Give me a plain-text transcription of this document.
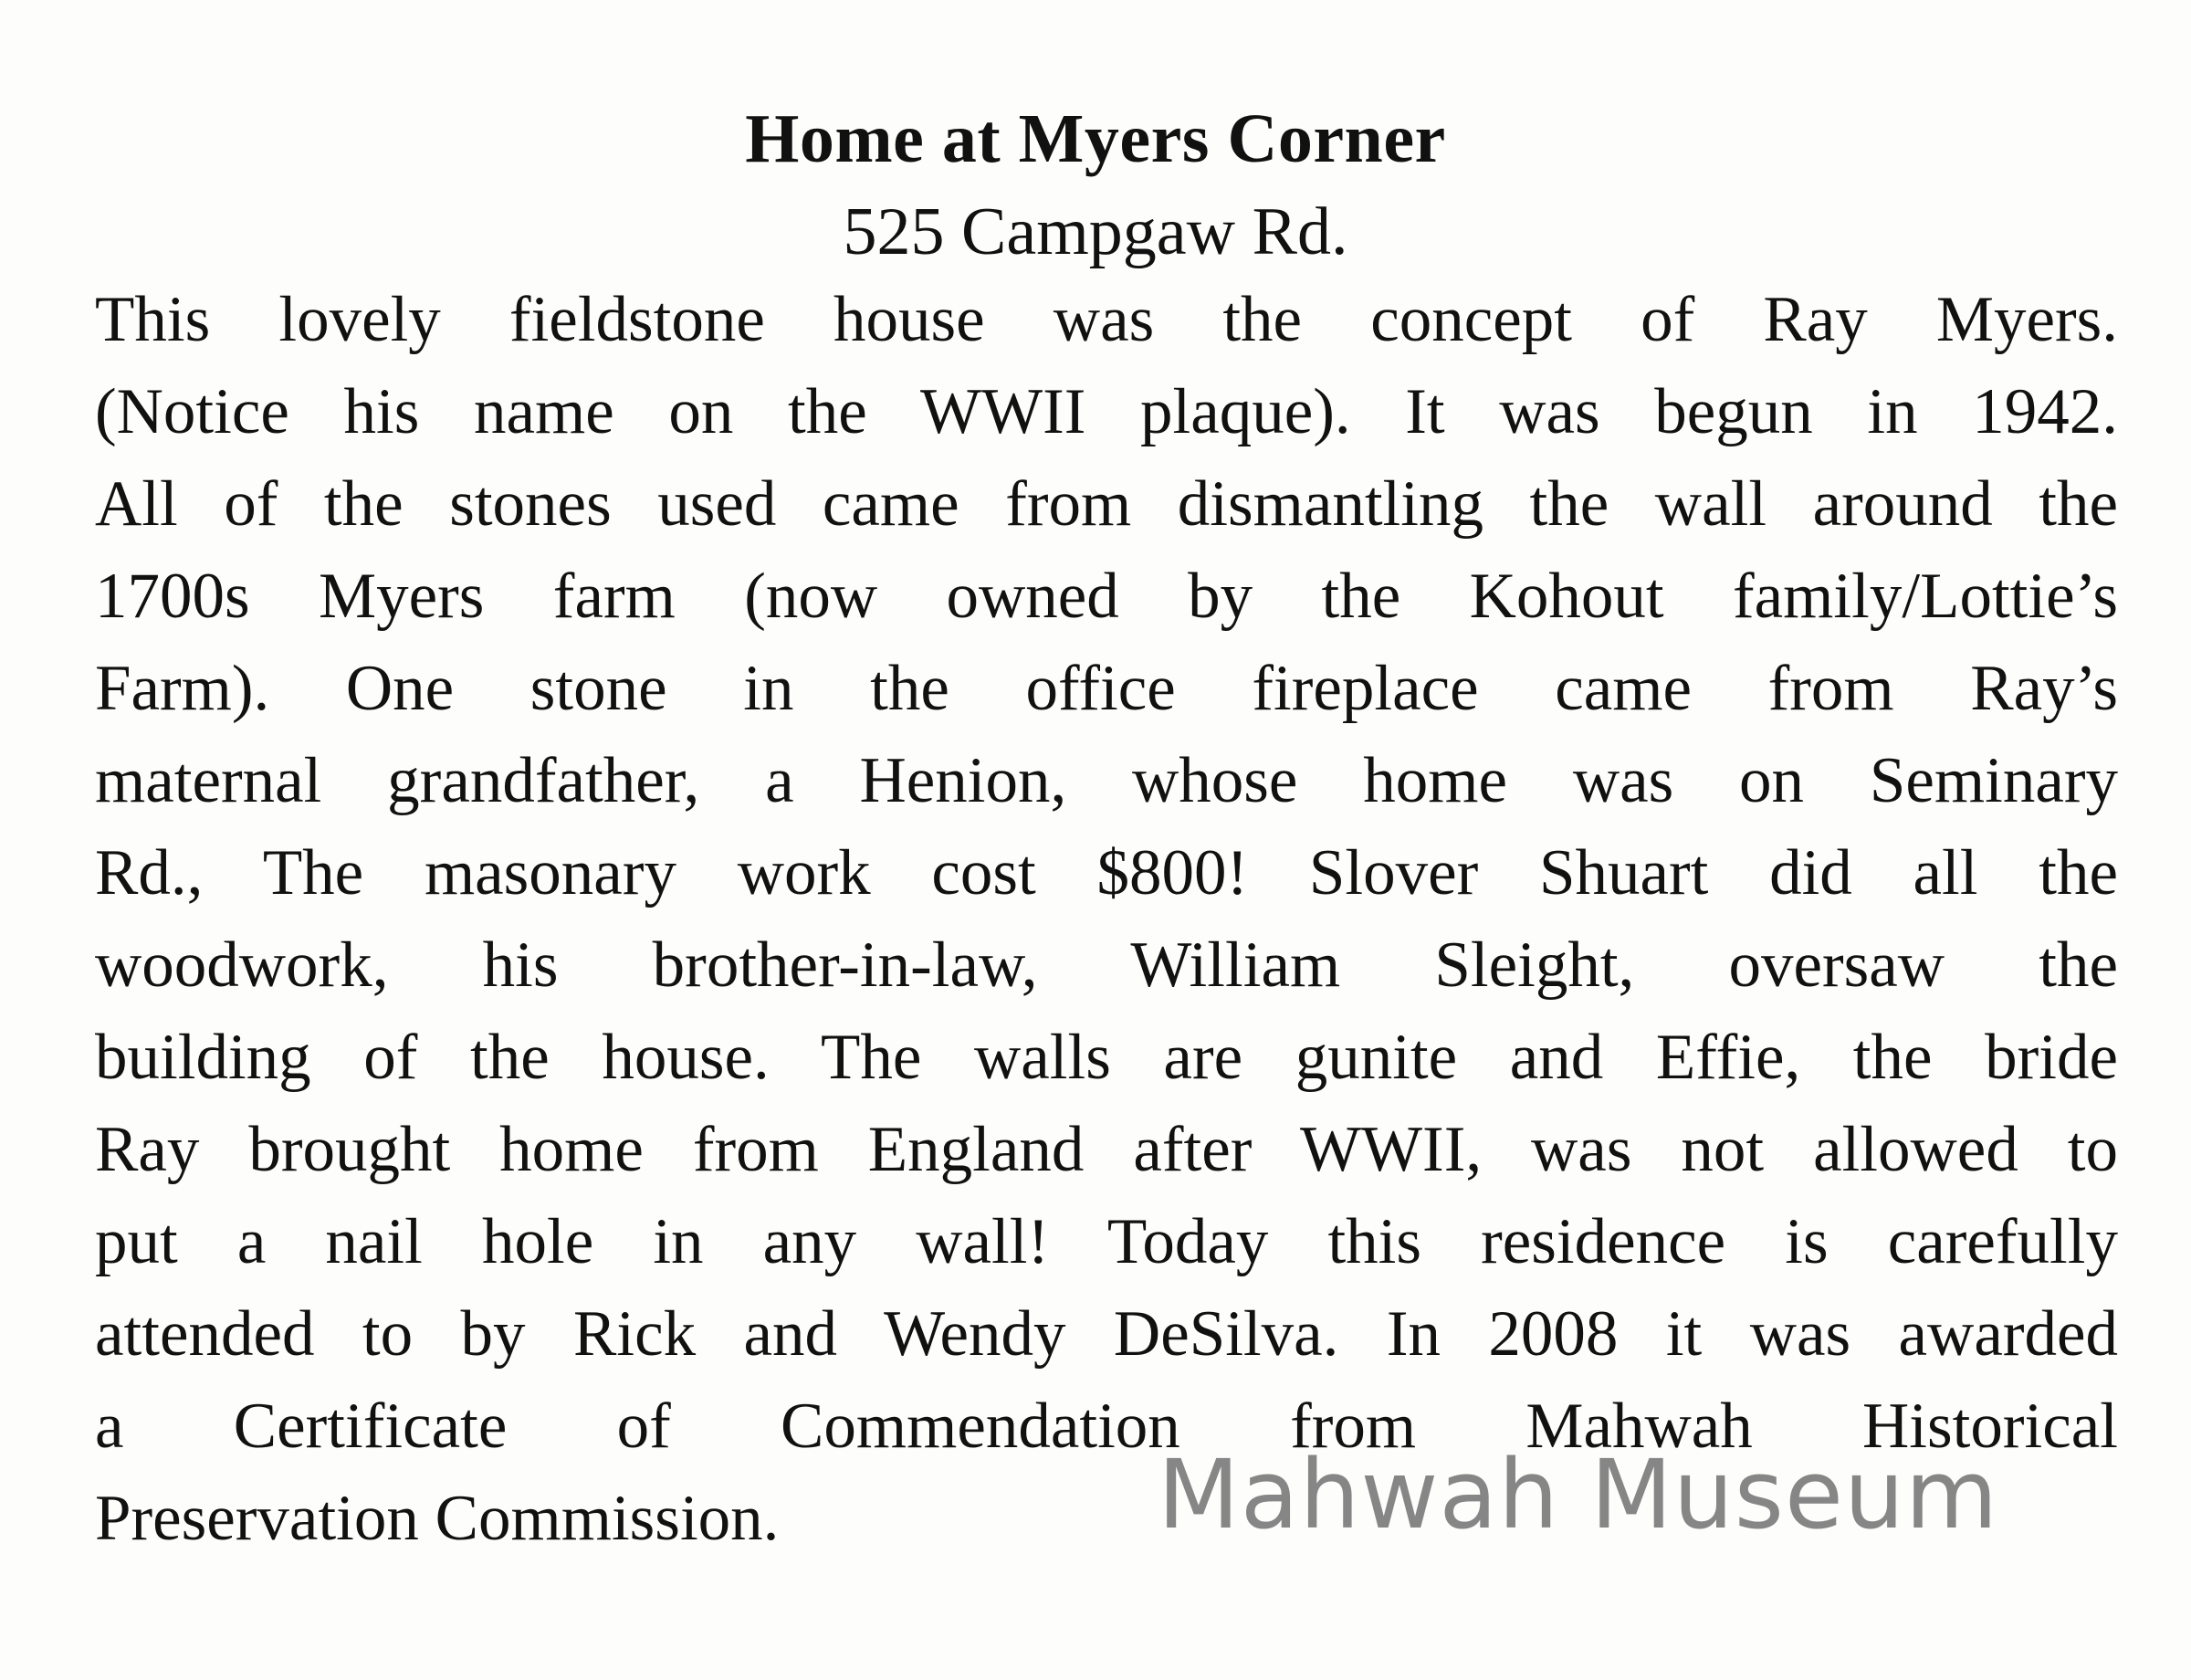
Home at Myers Corner
525 Campgaw Rd.
This lovely fieldstone house was the concept of Ray Myers.
(Notice his name on the WWII plaque). It was begun in 1942.
All of the stones used came from dismantling the wall around the
1700s Myers farm (now owned by the Kohout family/Lottie’s
Farm). One stone in the office fireplace came from Ray’s
maternal grandfather, a Henion, whose home was on Seminary
Rd., The masonary work cost $800! Slover Shuart did all the
woodwork, his brother-in-law, William Sleight, oversaw the
building of the house. The walls are gunite and Effie, the bride
Ray brought home from England after WWII, was not allowed to
put a nail hole in any wall! Today this residence is carefully
attended to by Rick and Wendy DeSilva. In 2008 it was awarded
a Certificate of Commendation from Mahwah Historical
Preservation Commission.	Mahwah Museum
